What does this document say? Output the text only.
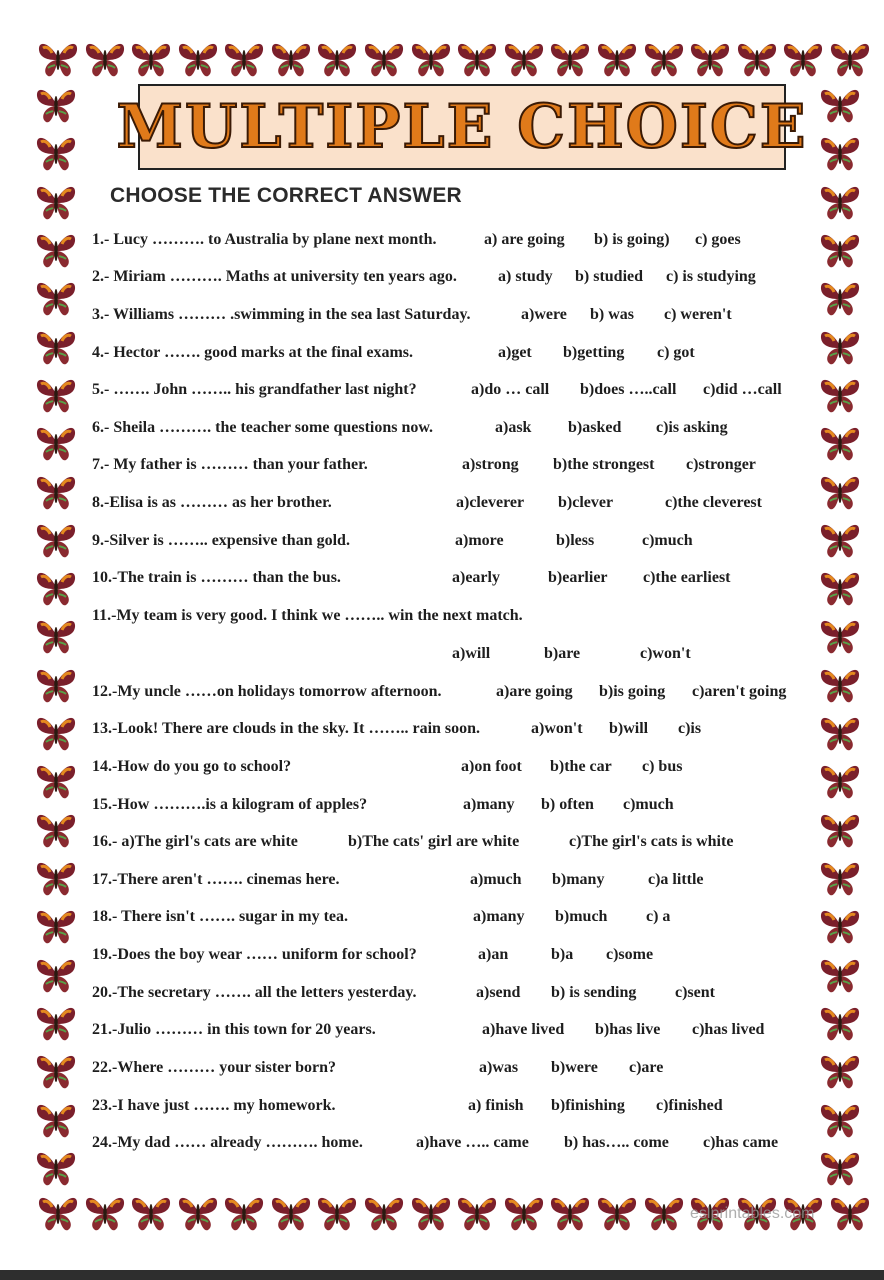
MULTIPLE CHOICE
CHOOSE THE CORRECT ANSWER
1.- Lucy ………. to Australia by plane next month.	a) are going b) is going) c) goes
2.- Miriam ………. Maths at university ten years ago.	a) study b) studied c) is studying
3.- Williams ……… .swimming in the sea last Saturday.	a)were b) was c) weren't
4.- Hector ……. good marks at the final exams.	a)get b)getting c) got
5.- ……. John …….. his grandfather last night?	a)do … call b)does …..call c)did …call
6.- Sheila ………. the teacher some questions now.	a)ask b)asked c)is asking
7.- My father is ……… than your father.	a)strong b)the strongest c)stronger
8.-Elisa is as ……… as her brother.	a)cleverer b)clever	c)the cleverest
9.-Silver is …….. expensive than gold.	a)more	b)less	c)much
10.-The train is ……… than the bus.	a)early	b)earlier c)the earliest
11.-My team is very good. I think we …….. win the next match.
a)will	b)are	c)won't
12.-My uncle ……on holidays tomorrow afternoon.	a)are going b)is going c)aren't going
13.-Look! There are clouds in the sky. It …….. rain soon.	a)won't b)will c)is
14.-How do you go to school?	a)on foot b)the car c) bus
15.-How ……….is a kilogram of apples?	a)many b) often c)much
16.- a)The girl's cats are white	b)The cats' girl are white	c)The girl's cats is white
17.-There aren't ……. cinemas here.	a)much b)many	c)a little
18.- There isn't ……. sugar in my tea.	a)many b)much c) a
19.-Does the boy wear …… uniform for school?	a)an	b)a c)some
20.-The secretary ……. all the letters yesterday.	a)send b) is sending c)sent
21.-Julio ……… in this town for 20 years.	a)have lived b)has live c)has lived
22.-Where ……… your sister born?	a)was b)were c)are
23.-I have just ……. my homework.	a) finish b)finishing c)finished
24.-My dad …… already ………. home.	a)have ….. came b) has….. come c)has came
eslprintables.com
